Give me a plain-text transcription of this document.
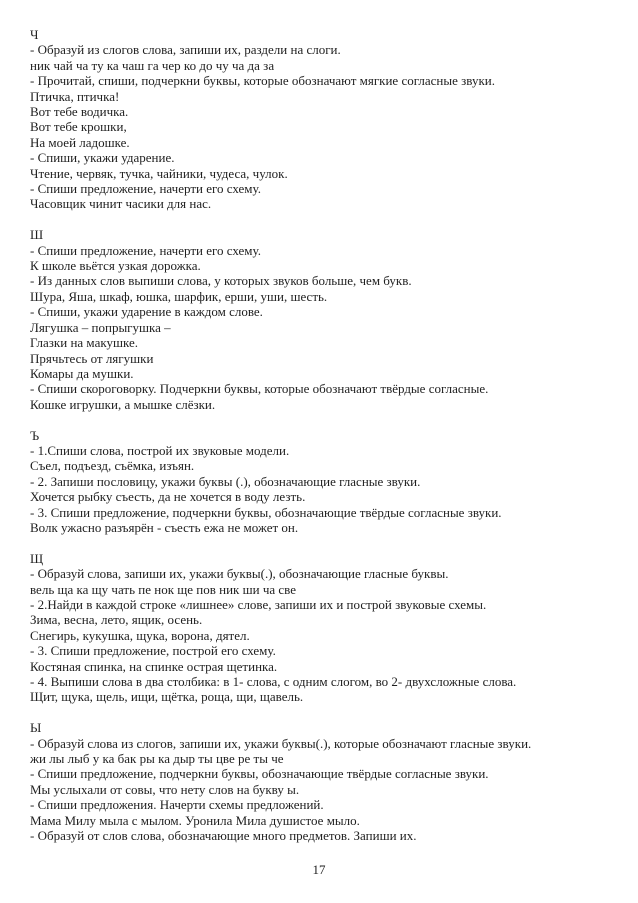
Ч

- Образуй из слогов слова, запиши их, раздели на слоги.

ник чай ча ту ка чаш га чер ко до чу ча да за

- Прочитай, спиши, подчеркни буквы, которые обозначают мягкие согласные звуки.

Птичка, птичка!

Вот тебе водичка.

Вот тебе крошки,

На моей ладошке.

- Спиши, укажи ударение.

Чтение, червяк, тучка, чайники, чудеса, чулок.

- Спиши предложение, начерти его схему.

Часовщик чинит часики для нас.

Ш

- Спиши предложение, начерти его схему.

К школе вьётся узкая дорожка.

- Из данных слов выпиши слова, у которых звуков больше, чем букв.

Шура, Яша, шкаф, юшка, шарфик, ерши, уши, шесть.

- Спиши, укажи ударение в каждом слове.

Лягушка – попрыгушка –

Глазки на макушке.

Прячьтесь от лягушки

Комары да мушки.

- Спиши скороговорку. Подчеркни буквы, которые обозначают твёрдые согласные.

Кошке игрушки, а мышке слёзки.

Ъ

- 1.Спиши слова, построй их звуковые модели.

Съел, подъезд, съёмка, изъян.

- 2. Запиши пословицу, укажи буквы (.), обозначающие гласные звуки.

Хочется рыбку съесть, да не хочется в воду лезть.

- 3. Спиши предложение, подчеркни буквы, обозначающие твёрдые согласные звуки.

Волк ужасно разъярён - съесть ежа не может он.

Щ

- Образуй слова, запиши их, укажи буквы(.), обозначающие гласные буквы.

вель ща ка щу чать пе нок ще пов ник ши ча све

- 2.Найди в каждой строке «лишнее» слове, запиши их и построй звуковые схемы.

Зима, весна, лето, ящик, осень.

Снегирь, кукушка, щука, ворона, дятел.

- 3. Спиши предложение, построй его схему.

Костяная спинка, на спинке острая щетинка.

- 4. Выпиши слова в два столбика: в 1- слова, с одним слогом, во 2- двухсложные слова.

Щит, щука, щель, ищи, щётка, роща, щи, щавель.

Ы

- Образуй слова из слогов, запиши их, укажи буквы(.), которые обозначают гласные звуки.

жи лы лыб у ка бак ры ка дыр ты цве ре ты че

- Спиши предложение, подчеркни буквы, обозначающие твёрдые согласные звуки.

Мы услыхали от совы, что нету слов на букву ы.

- Спиши предложения. Начерти схемы предложений.

Мама Милу мыла с мылом. Уронила Мила душистое мыло.

- Образуй от слов слова, обозначающие много предметов. Запиши их.

17
